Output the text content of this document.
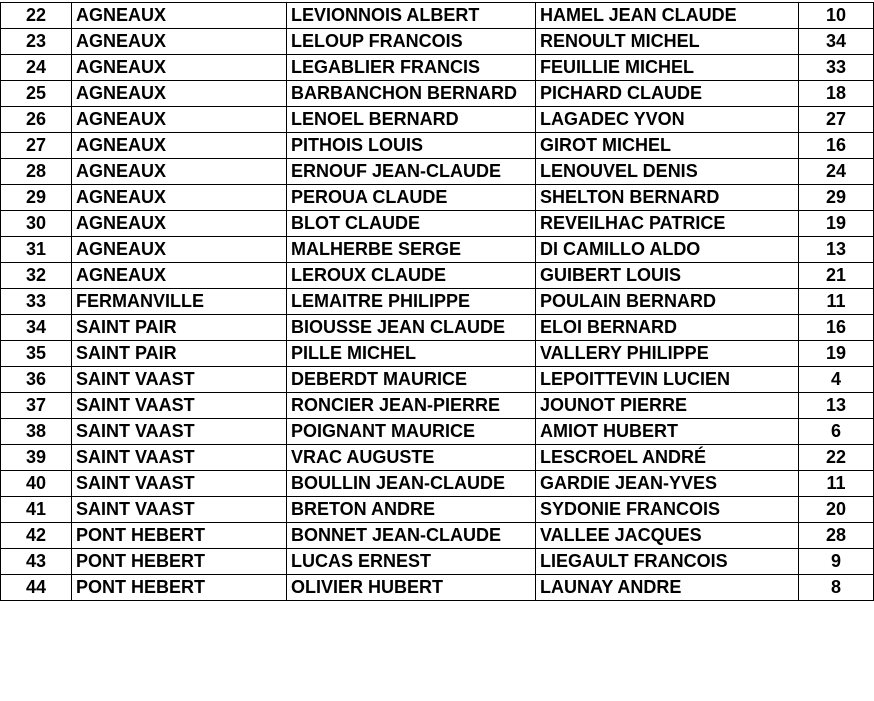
22	AGNEAUX	LEVIONNOIS ALBERT	HAMEL JEAN CLAUDE	10
23	AGNEAUX	LELOUP FRANCOIS	RENOULT MICHEL	34
24	AGNEAUX	LEGABLIER FRANCIS	FEUILLIE MICHEL	33
25	AGNEAUX	BARBANCHON BERNARD	PICHARD CLAUDE	18
26	AGNEAUX	LENOEL BERNARD	LAGADEC YVON	27
27	AGNEAUX	PITHOIS LOUIS	GIROT MICHEL	16
28	AGNEAUX	ERNOUF JEAN-CLAUDE	LENOUVEL DENIS	24
29	AGNEAUX	PEROUA CLAUDE	SHELTON BERNARD	29
30	AGNEAUX	BLOT CLAUDE	REVEILHAC PATRICE	19
31	AGNEAUX	MALHERBE SERGE	DI CAMILLO ALDO	13
32	AGNEAUX	LEROUX CLAUDE	GUIBERT LOUIS	21
33	FERMANVILLE	LEMAITRE PHILIPPE	POULAIN BERNARD	11
34	SAINT PAIR	BIOUSSE JEAN CLAUDE	ELOI BERNARD	16
35	SAINT PAIR	PILLE MICHEL	VALLERY PHILIPPE	19
36	SAINT VAAST	DEBERDT MAURICE	LEPOITTEVIN LUCIEN	4
37	SAINT VAAST	RONCIER JEAN-PIERRE	JOUNOT PIERRE	13
38	SAINT VAAST	POIGNANT MAURICE	AMIOT HUBERT	6
39	SAINT VAAST	VRAC AUGUSTE	LESCROEL ANDRÉ	22
40	SAINT VAAST	BOULLIN JEAN-CLAUDE	GARDIE JEAN-YVES	11
41	SAINT VAAST	BRETON ANDRE	SYDONIE FRANCOIS	20
42	PONT HEBERT	BONNET JEAN-CLAUDE	VALLEE JACQUES	28
43	PONT HEBERT	LUCAS ERNEST	LIEGAULT FRANCOIS	9
44	PONT HEBERT	OLIVIER HUBERT	LAUNAY ANDRE	8
